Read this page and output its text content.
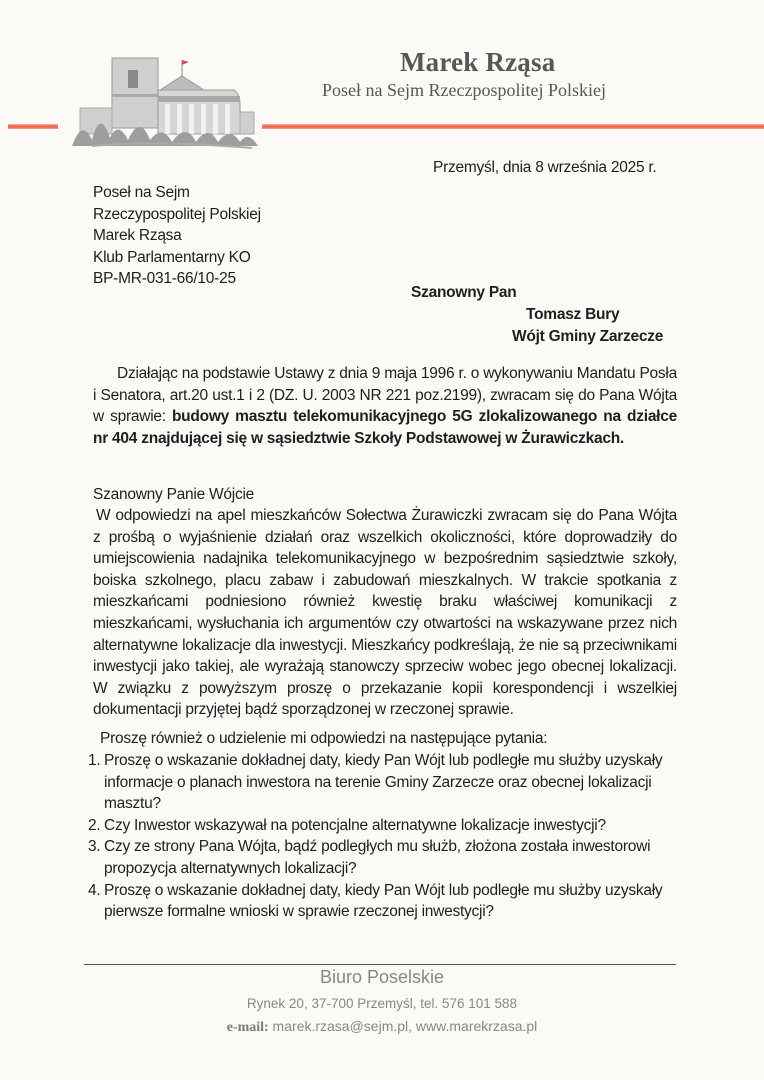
Marek Rząsa
Poseł na Sejm Rzeczpospolitej Polskiej
Przemyśl, dnia 8 września 2025 r.
Poseł na Sejm
Rzeczypospolitej Polskiej
Marek Rząsa
Klub Parlamentarny KO
BP-MR-031-66/10-25
Szanowny Pan
Tomasz Bury
Wójt Gminy Zarzecze
Działając na podstawie Ustawy z dnia 9 maja 1996 r. o wykonywaniu Mandatu Posła i Senatora, art.20 ust.1 i 2 (DZ. U. 2003 NR 221 poz.2199), zwracam się do Pana Wójta w sprawie: budowy masztu telekomunikacyjnego 5G zlokalizowanego na działce nr 404 znajdującej się w sąsiedztwie Szkoły Podstawowej w Żurawiczkach.
Szanowny Panie Wójcie
W odpowiedzi na apel mieszkańców Sołectwa Żurawiczki zwracam się do Pana Wójta z prośbą o wyjaśnienie działań oraz wszelkich okoliczności, które doprowadziły do umiejscowienia nadajnika telekomunikacyjnego w bezpośrednim sąsiedztwie szkoły, boiska szkolnego, placu zabaw i zabudowań mieszkalnych. W trakcie spotkania z mieszkańcami podniesiono również kwestię braku właściwej komunikacji z mieszkańcami, wysłuchania ich argumentów czy otwartości na wskazywane przez nich alternatywne lokalizacje dla inwestycji. Mieszkańcy podkreślają, że nie są przeciwnikami inwestycji jako takiej, ale wyrażają stanowczy sprzeciw wobec jego obecnej lokalizacji. W związku z powyższym proszę o przekazanie kopii korespondencji i wszelkiej dokumentacji przyjętej bądź sporządzonej w rzeczonej sprawie.
Proszę również o udzielenie mi odpowiedzi na następujące pytania:
1. Proszę o wskazanie dokładnej daty, kiedy Pan Wójt lub podległe mu służby uzyskały informacje o planach inwestora na terenie Gminy Zarzecze oraz obecnej lokalizacji masztu?
2. Czy Inwestor wskazywał na potencjalne alternatywne lokalizacje inwestycji?
3. Czy ze strony Pana Wójta, bądź podległych mu służb, złożona została inwestorowi propozycja alternatywnych lokalizacji?
4. Proszę o wskazanie dokładnej daty, kiedy Pan Wójt lub podległe mu służby uzyskały pierwsze formalne wnioski w sprawie rzeczonej inwestycji?
Biuro Poselskie
Rynek 20, 37-700 Przemyśl, tel. 576 101 588
e-mail: marek.rzasa@sejm.pl, www.marekrzasa.pl
